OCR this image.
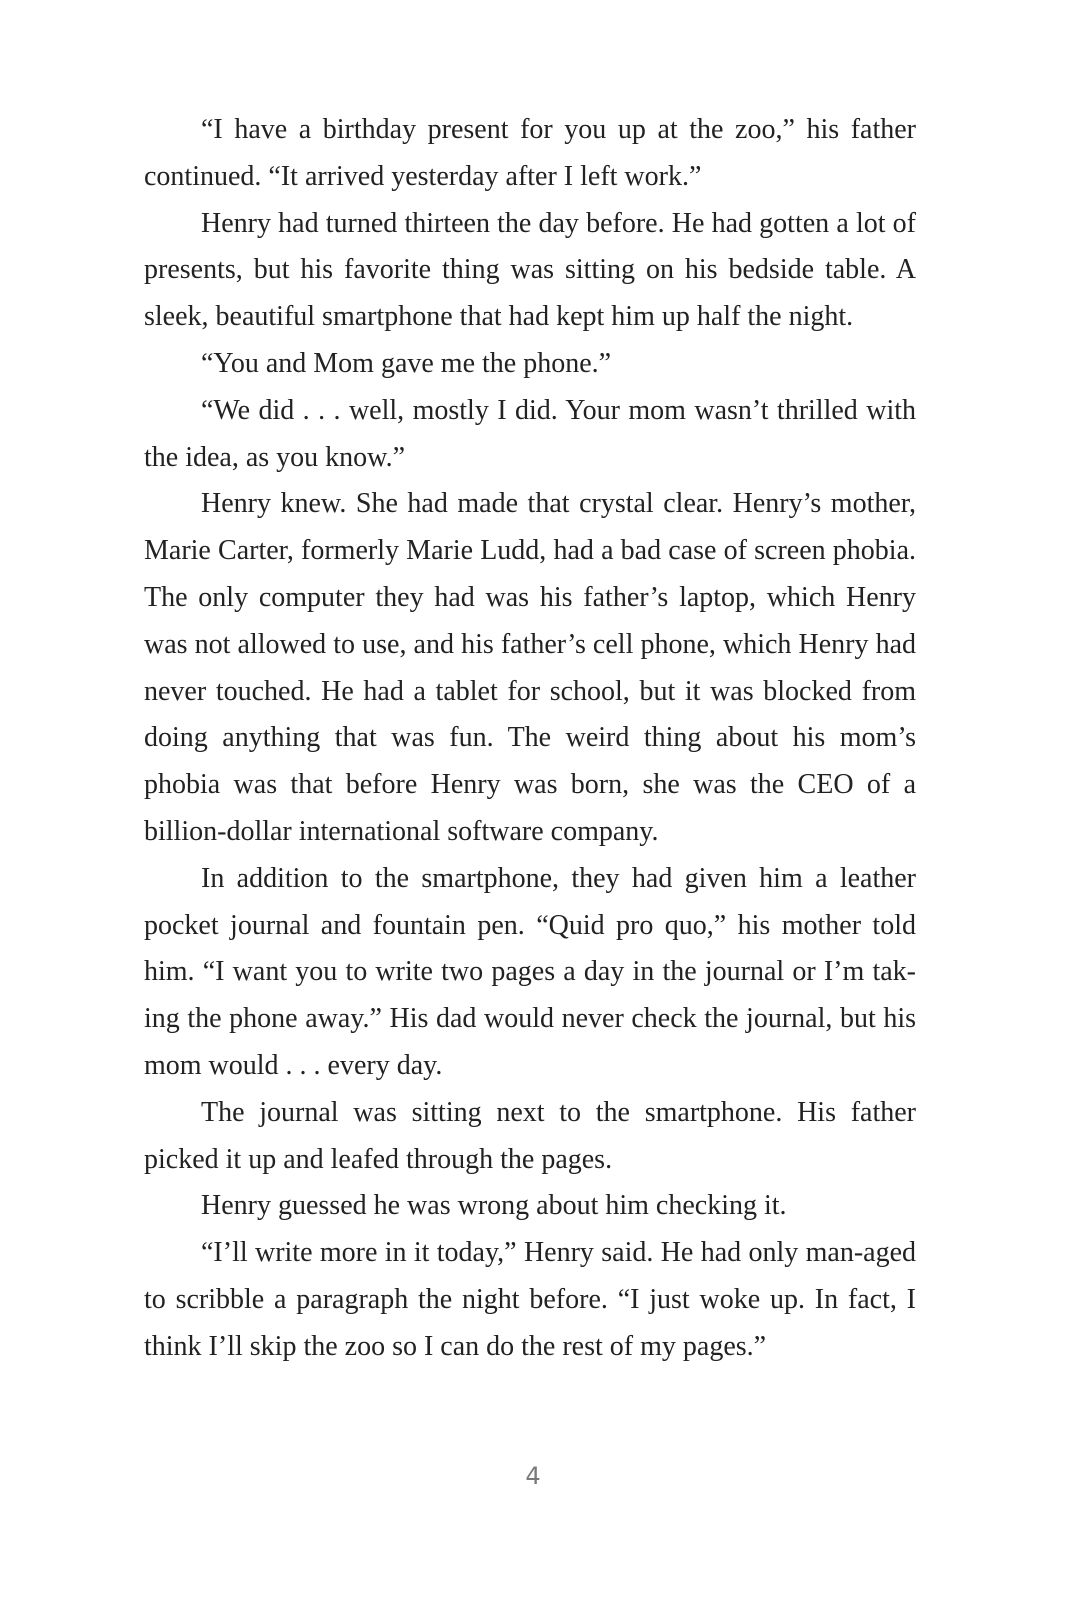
“I have a birthday present for you up at the zoo,” his father continued. “It arrived yesterday after I left work.”

Henry had turned thirteen the day before. He had gotten a lot of presents, but his favorite thing was sitting on his bedside table. A sleek, beautiful smartphone that had kept him up half the night.

“You and Mom gave me the phone.”

“We did . . . well, mostly I did. Your mom wasn’t thrilled with the idea, as you know.”

Henry knew. She had made that crystal clear. Henry’s mother, Marie Carter, formerly Marie Ludd, had a bad case of screen phobia. The only computer they had was his father’s laptop, which Henry was not allowed to use, and his father’s cell phone, which Henry had never touched. He had a tablet for school, but it was blocked from doing anything that was fun. The weird thing about his mom’s phobia was that before Henry was born, she was the CEO of a billion-dollar international software company.

In addition to the smartphone, they had given him a leather pocket journal and fountain pen. “Quid pro quo,” his mother told him. “I want you to write two pages a day in the journal or I’m tak-ing the phone away.” His dad would never check the journal, but his mom would . . . every day.

The journal was sitting next to the smartphone. His father picked it up and leafed through the pages.

Henry guessed he was wrong about him checking it.

“I’ll write more in it today,” Henry said. He had only man-aged to scribble a paragraph the night before. “I just woke up. In fact, I think I’ll skip the zoo so I can do the rest of my pages.”

4
